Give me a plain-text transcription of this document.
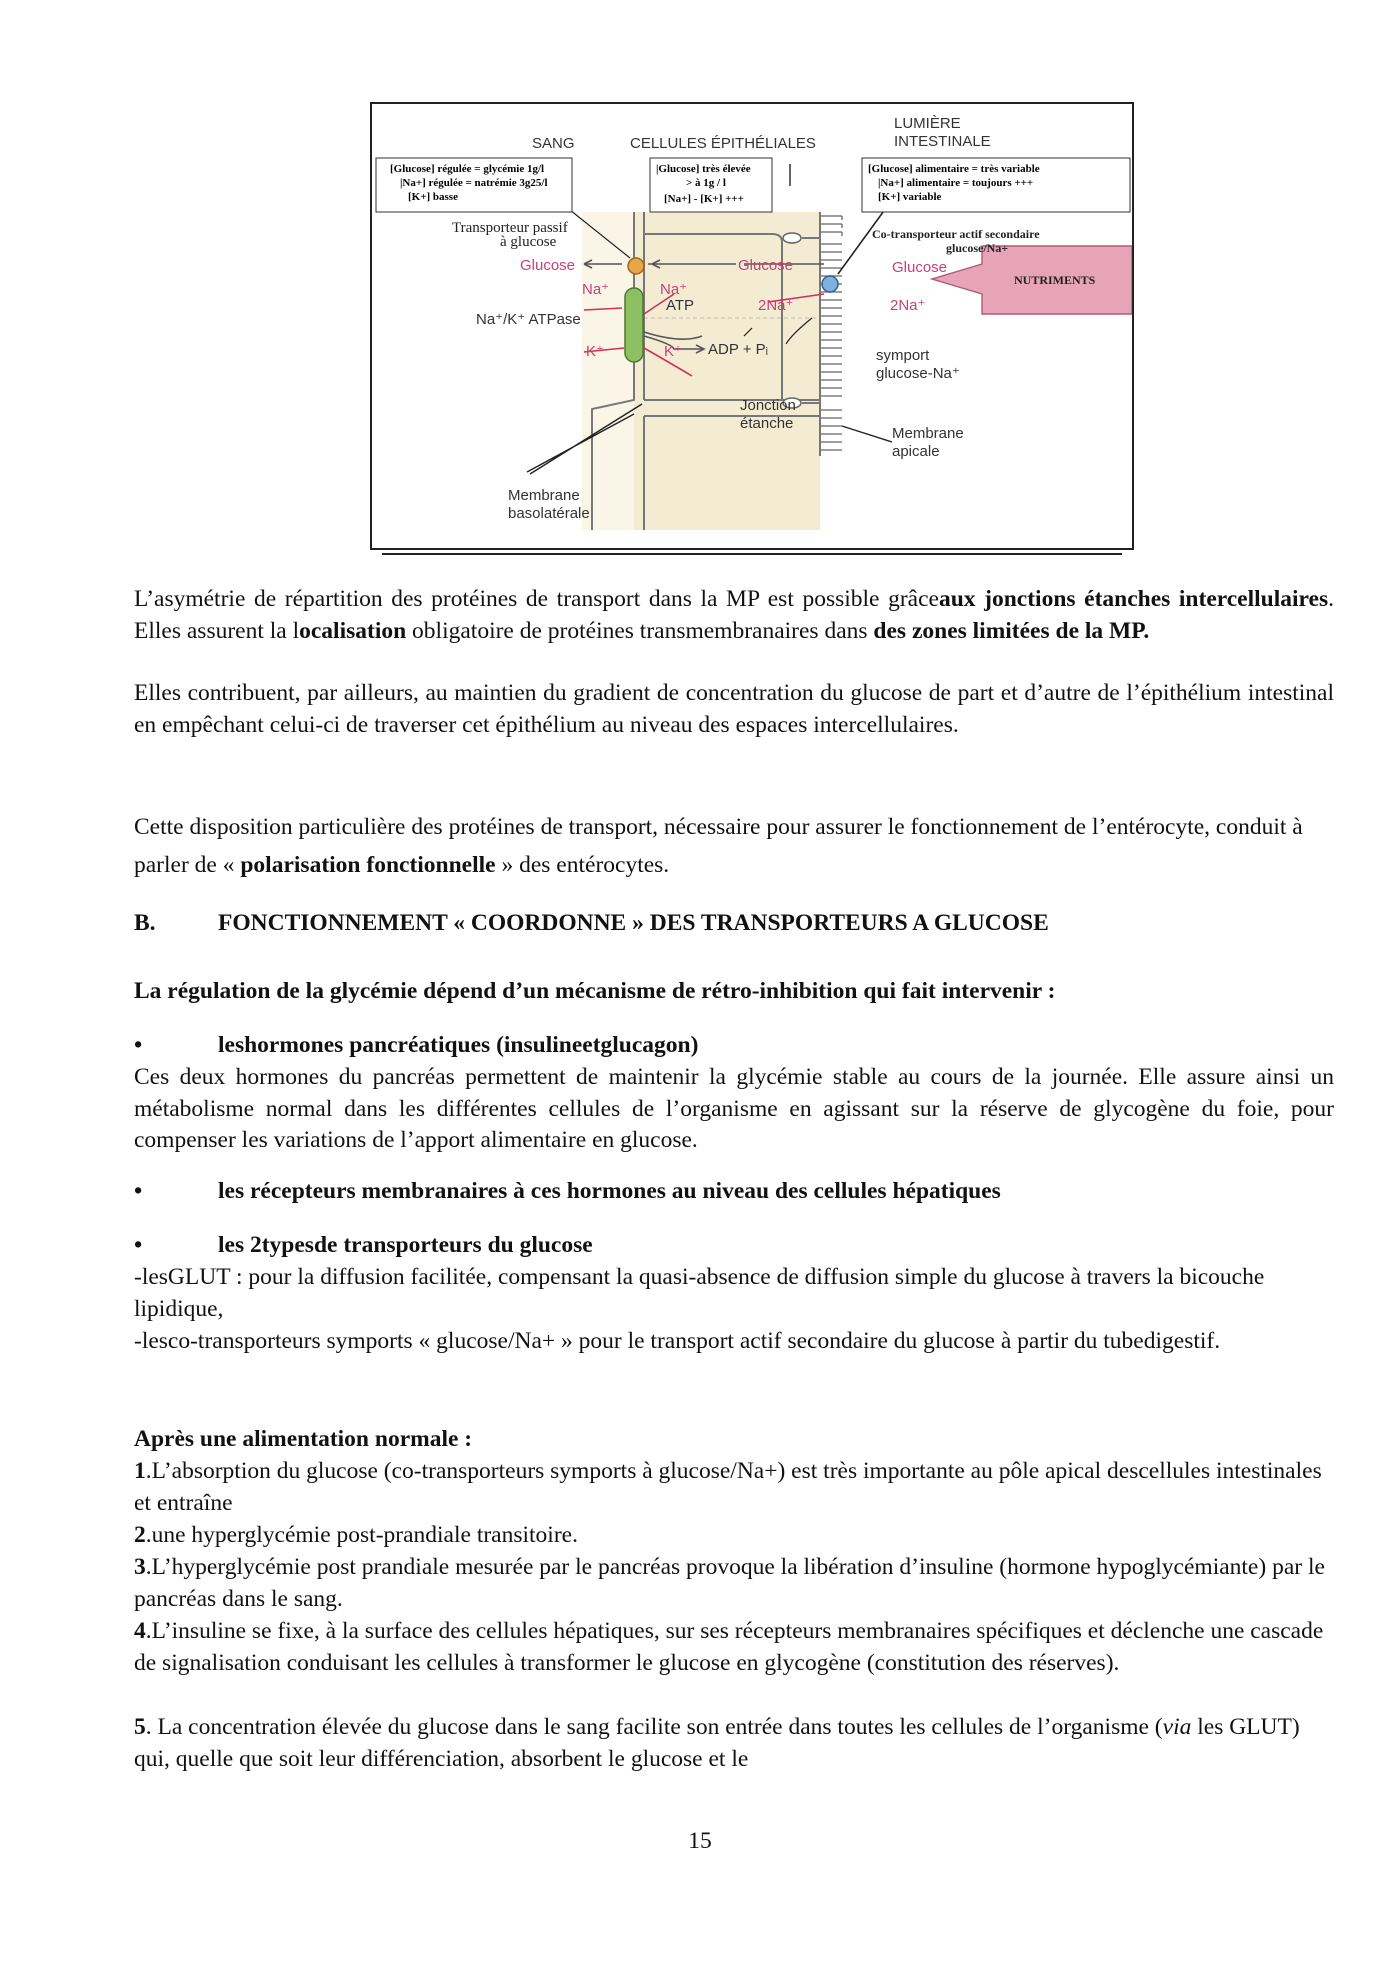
SANG	CELLULES ÉPITHÉLIALES
LUMIÈRE
INTESTINALE
[Glucose] régulée = glycémie 1g/l
|Na+] régulée = natrémie 3g25/l
[K+] basse
|Glucose] très élevée
> à 1g / l
[Na+] - [K+] +++
[Glucose] alimentaire = très variable
|Na+] alimentaire = toujours +++
[K+] variable
Transporteur passif
à glucose
Glucose	Glucose	Glucose
Na⁺	Na⁺
ATP	2Na⁺	2Na⁺
Na⁺/K⁺ ATPase
ADP + Pᵢ
K⁺	K⁺
Co-transporteur actif secondaire
glucose/Na+
NUTRIMENTS
symport
glucose-Na⁺
Jonction
étanche
Membrane
apicale
Membrane
basolatérale
L’asymétrie de répartition des protéines de transport dans la MP est possible grâceaux jonctions étanches intercellulaires. Elles assurent la localisation obligatoire de protéines transmembranaires dans des zones limitées de la MP.
Elles contribuent, par ailleurs, au maintien du gradient de concentration du glucose de part et d’autre de l’épithélium intestinal en empêchant celui-ci de traverser cet épithélium au niveau des espaces intercellulaires.
Cette disposition particulière des protéines de transport, nécessaire pour assurer le fonctionnement de l’entérocyte, conduit à parler de « polarisation fonctionnelle » des entérocytes.
B.	FONCTIONNEMENT « COORDONNE » DES TRANSPORTEURS A GLUCOSE
La régulation de la glycémie dépend d’un mécanisme de rétro-inhibition qui fait intervenir :
•	leshormones pancréatiques (insulineetglucagon)
Ces deux hormones du pancréas permettent de maintenir la glycémie stable au cours de la journée. Elle assure ainsi un métabolisme normal dans les différentes cellules de l’organisme en agissant sur la réserve de glycogène du foie, pour compenser les variations de l’apport alimentaire en glucose.
•	les récepteurs membranaires à ces hormones au niveau des cellules hépatiques
•	les 2typesde transporteurs du glucose
-lesGLUT : pour la diffusion facilitée, compensant la quasi-absence de diffusion simple du glucose à travers la bicouche lipidique,
-lesco-transporteurs symports « glucose/Na+ » pour le transport actif secondaire du glucose à partir du tubedigestif.
Après une alimentation normale :
1.L’absorption du glucose (co-transporteurs symports à glucose/Na+) est très importante au pôle apical descellules intestinales et entraîne
2.une hyperglycémie post-prandiale transitoire.
3.L’hyperglycémie post prandiale mesurée par le pancréas provoque la libération d’insuline (hormone hypoglycémiante) par le pancréas dans le sang.
4.L’insuline se fixe, à la surface des cellules hépatiques, sur ses récepteurs membranaires spécifiques et déclenche une cascade de signalisation conduisant les cellules à transformer le glucose en glycogène (constitution des réserves).
5. La concentration élevée du glucose dans le sang facilite son entrée dans toutes les cellules de l’organisme (via les GLUT) qui, quelle que soit leur différenciation, absorbent le glucose et le
15
